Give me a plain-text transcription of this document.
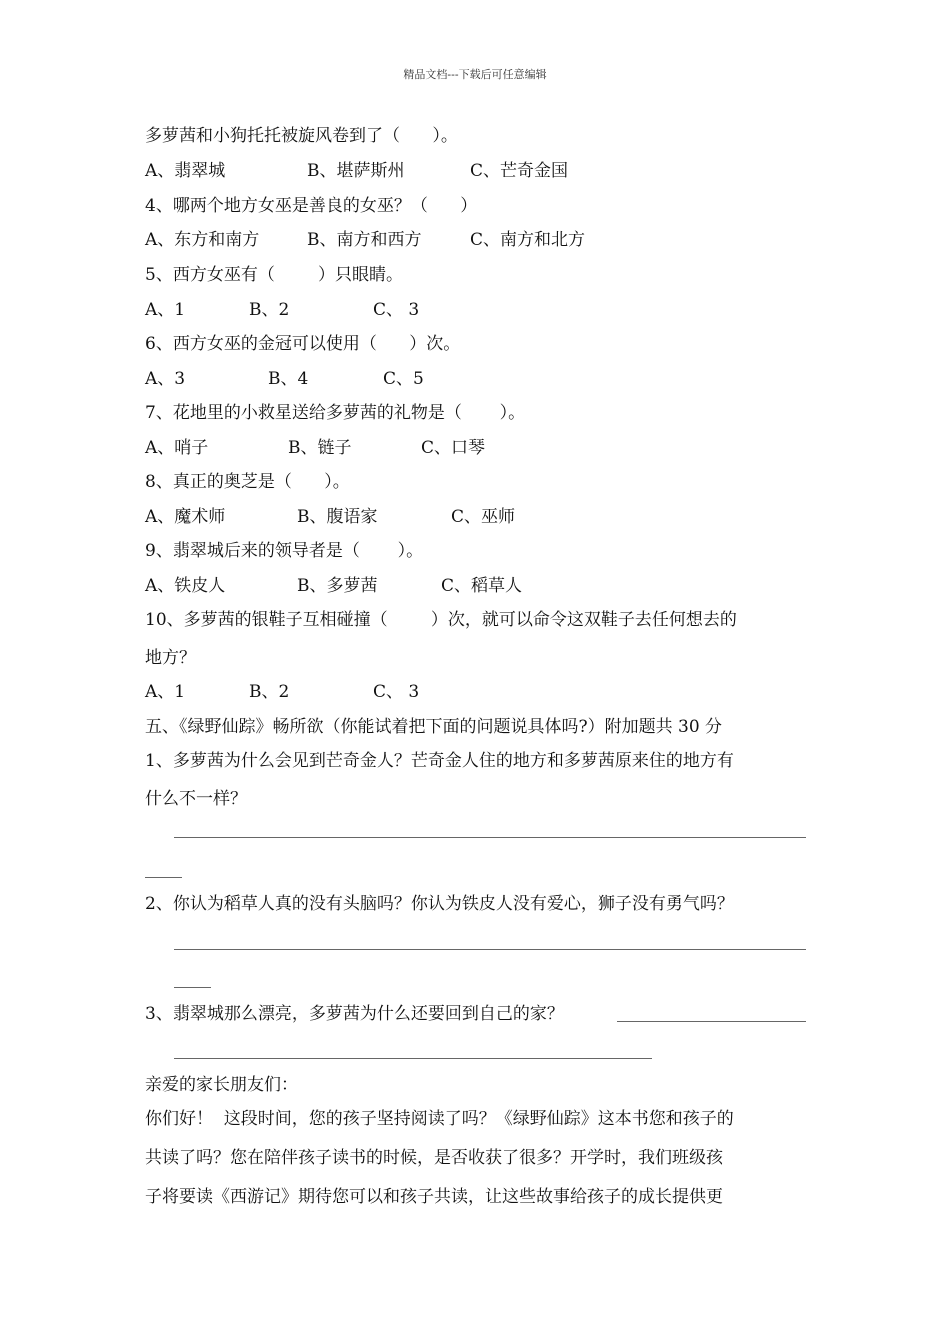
精品文档---下载后可任意编辑
多萝茜和小狗托托被旋风卷到了（      ）。
A、翡翠城	B、堪萨斯州	C、芒奇金国
4、哪两个地方女巫是善良的女巫？（      ）
A、东方和南方	B、南方和西方	C、南方和北方
5、西方女巫有（        ）只眼睛。
A、1	B、2	C、 3
6、西方女巫的金冠可以使用（      ）次。
A、3	B、4	C、5
7、花地里的小救星送给多萝茜的礼物是（       ）。
A、哨子	B、链子	C、口琴
8、真正的奥芝是（      ）。
A、魔术师	B、腹语家	C、巫师
9、翡翠城后来的领导者是（       ）。
A、铁皮人	B、多萝茜	C、稻草人
10、多萝茜的银鞋子互相碰撞（        ）次，就可以命令这双鞋子去任何想去的
地方？
A、1	B、2	C、 3
五、《绿野仙踪》畅所欲（你能试着把下面的问题说具体吗?）附加题共 30 分
1、多萝茜为什么会见到芒奇金人？芒奇金人住的地方和多萝茜原来住的地方有
什么不一样？
2、你认为稻草人真的没有头脑吗？你认为铁皮人没有爱心，狮子没有勇气吗？
3、翡翠城那么漂亮，多萝茜为什么还要回到自己的家？
亲爱的家长朋友们：
你们好！  这段时间，您的孩子坚持阅读了吗？《绿野仙踪》这本书您和孩子的
共读了吗？您在陪伴孩子读书的时候，是否收获了很多？开学时，我们班级孩
子将要读《西游记》期待您可以和孩子共读，让这些故事给孩子的成长提供更
